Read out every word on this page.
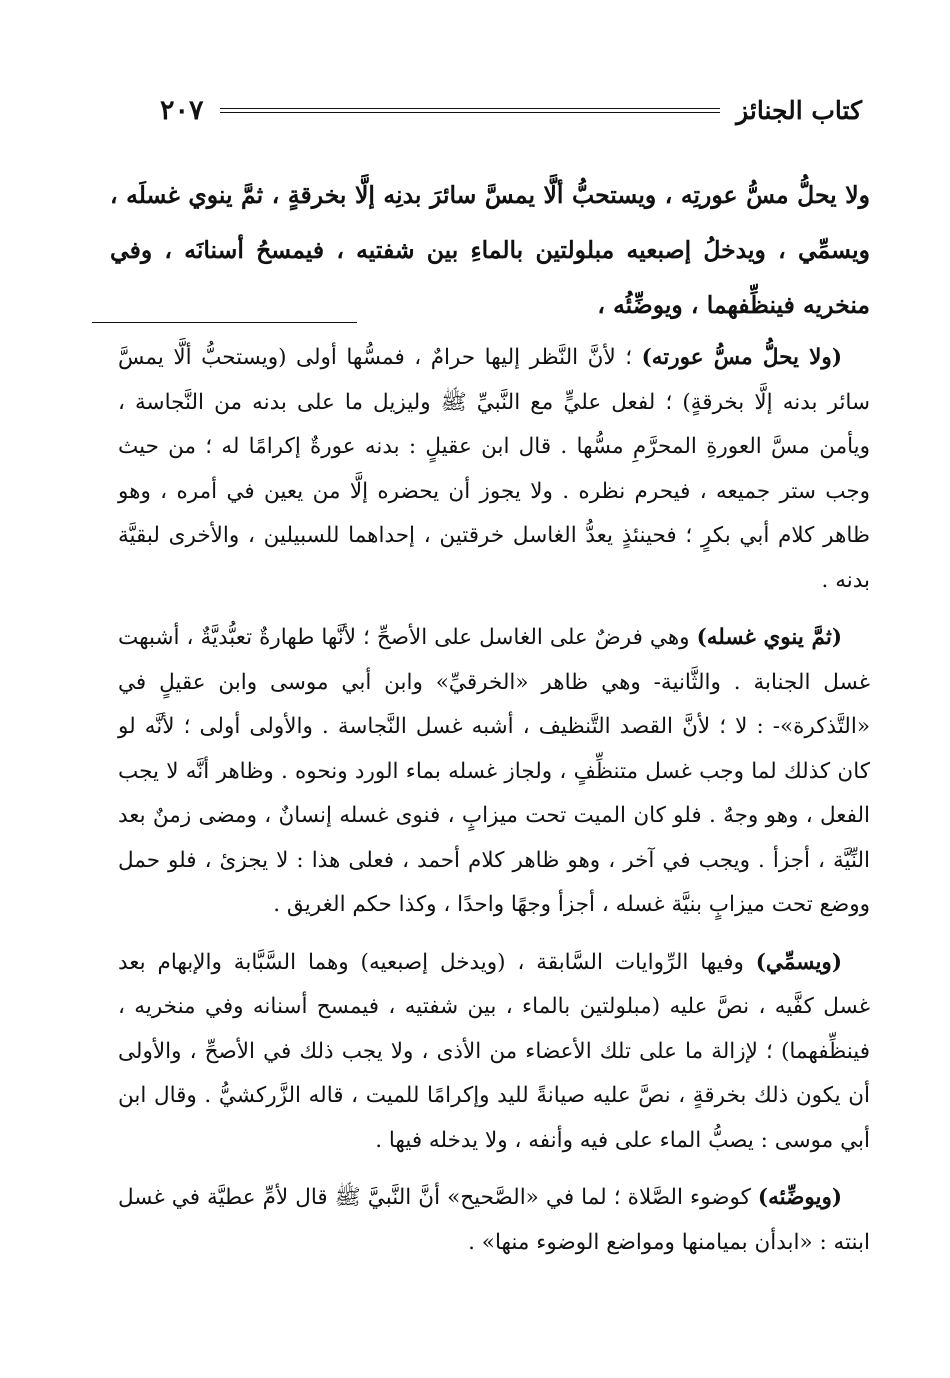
كتاب الجنائز
٢٠٧
ولا يحلُّ مسُّ عورتِه ، ويستحبُّ ألَّا يمسَّ سائرَ بدنِه إلَّا بخرقةٍ ، ثمَّ ينوي غسلَه ، ويسمِّي ، ويدخلُ إصبعيه مبلولتين بالماءِ بين شفتيه ، فيمسحُ أسنانَه ، وفي منخريه فينظِّفهما ، ويوضِّئُه ،

(ولا يحلُّ مسُّ عورته) ؛ لأنَّ النَّظر إليها حرامٌ ، فمسُّها أولى (ويستحبُّ ألَّا يمسَّ سائر بدنه إلَّا بخرقةٍ) ؛ لفعل عليٍّ مع النَّبيِّ ﷺ وليزيل ما على بدنه من النَّجاسة ، ويأمن مسَّ العورةِ المحرَّمِ مسُّها . قال ابن عقيلٍ : بدنه عورةٌ إكرامًا له ؛ من حيث وجب ستر جميعه ، فيحرم نظره . ولا يجوز أن يحضره إلَّا من يعين في أمره ، وهو ظاهر كلام أبي بكرٍ ؛ فحينئذٍ يعدُّ الغاسل خرقتين ، إحداهما للسبيلين ، والأخرى لبقيَّة بدنه .

(ثمَّ ينوي غسله) وهي فرضٌ على الغاسل على الأصحِّ ؛ لأنَّها طهارةٌ تعبُّديَّةٌ ، أشبهت غسل الجنابة . والثَّانية- وهي ظاهر «الخرقيِّ» وابن أبي موسى وابن عقيلٍ في «التَّذكرة»- : لا ؛ لأنَّ القصد التَّنظيف ، أشبه غسل النَّجاسة . والأولى أولى ؛ لأنَّه لو كان كذلك لما وجب غسل متنظِّفٍ ، ولجاز غسله بماء الورد ونحوه . وظاهر أنَّه لا يجب الفعل ، وهو وجهٌ . فلو كان الميت تحت ميزابٍ ، فنوى غسله إنسانٌ ، ومضى زمنٌ بعد النِّيَّة ، أجزأ . ويجب في آخر ، وهو ظاهر كلام أحمد ، فعلى هذا : لا يجزئ ، فلو حمل ووضع تحت ميزابٍ بنيَّة غسله ، أجزأ وجهًا واحدًا ، وكذا حكم الغريق .

(ويسمِّي) وفيها الرِّوايات السَّابقة ، (ويدخل إصبعيه) وهما السَّبَّابة والإبهام بعد غسل كفَّيه ، نصَّ عليه (مبلولتين بالماء ، بين شفتيه ، فيمسح أسنانه وفي منخريه ، فينظِّفهما) ؛ لإزالة ما على تلك الأعضاء من الأذى ، ولا يجب ذلك في الأصحِّ ، والأولى أن يكون ذلك بخرقةٍ ، نصَّ عليه صيانةً لليد وإكرامًا للميت ، قاله الزَّركشيُّ . وقال ابن أبي موسى : يصبُّ الماء على فيه وأنفه ، ولا يدخله فيها .

(ويوضِّئه) كوضوء الصَّلاة ؛ لما في «الصَّحيح» أنَّ النَّبيَّ ﷺ قال لأمِّ عطيَّة في غسل ابنته : «ابدأن بميامنها ومواضع الوضوء منها» .
